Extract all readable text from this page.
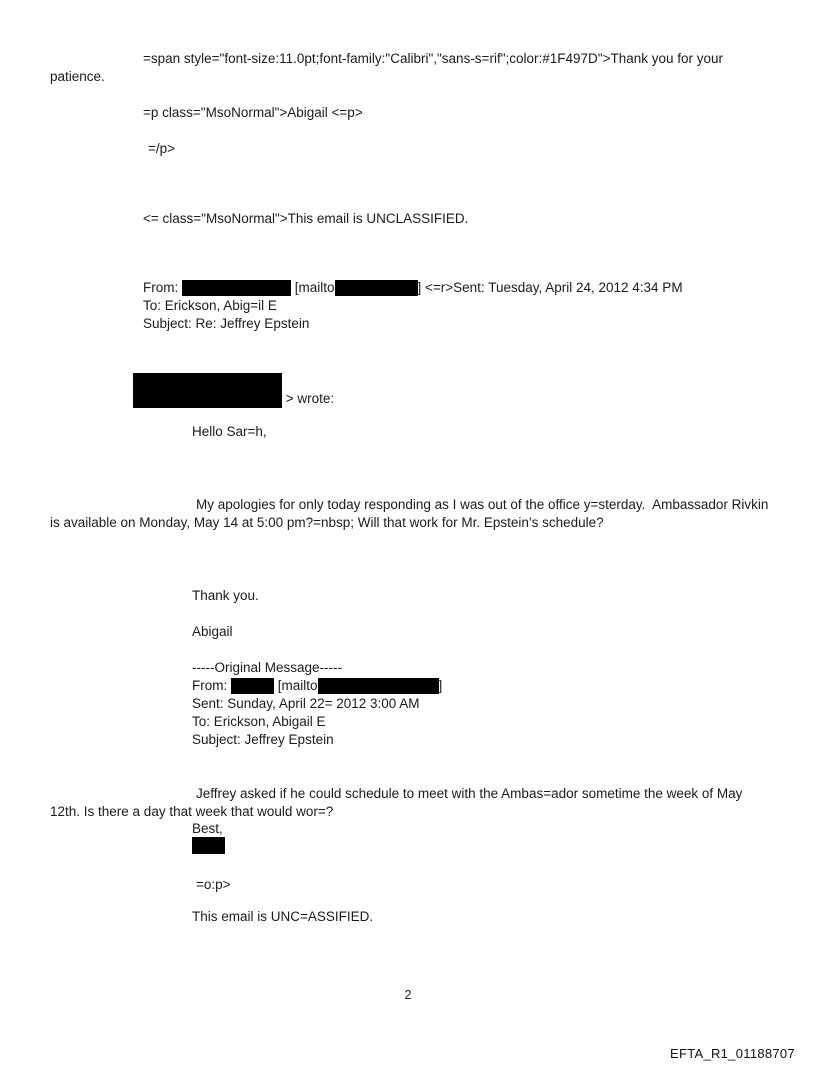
=span style="font-size:11.0pt;font-family:"Calibri","sans-s=rif";color:#1F497D">Thank you for your
patience.
=p class="MsoNormal">Abigail <=p>
=/p>
<= class="MsoNormal">This email is UNCLASSIFIED.
From:	[mailto	] <=r>Sent: Tuesday, April 24, 2012 4:34 PM
To: Erickson, Abig=il E
Subject: Re: Jeffrey Epstein
> wrote:
Hello Sar=h,
My apologies for only today responding as I was out of the office y=sterday.  Ambassador Rivkin
is available on Monday, May 14 at 5:00 pm?=nbsp; Will that work for Mr. Epstein’s schedule?
Thank you.
Abigail
-----Original Message-----
From:	[mailto	]
Sent: Sunday, April 22= 2012 3:00 AM
To: Erickson, Abigail E
Subject: Jeffrey Epstein
Jeffrey asked if he could schedule to meet with the Ambas=ador sometime the week of May
12th. Is there a day that week that would wor=?
Best,
=o:p>
This email is UNC=ASSIFIED.
2
EFTA_R1_01188707
